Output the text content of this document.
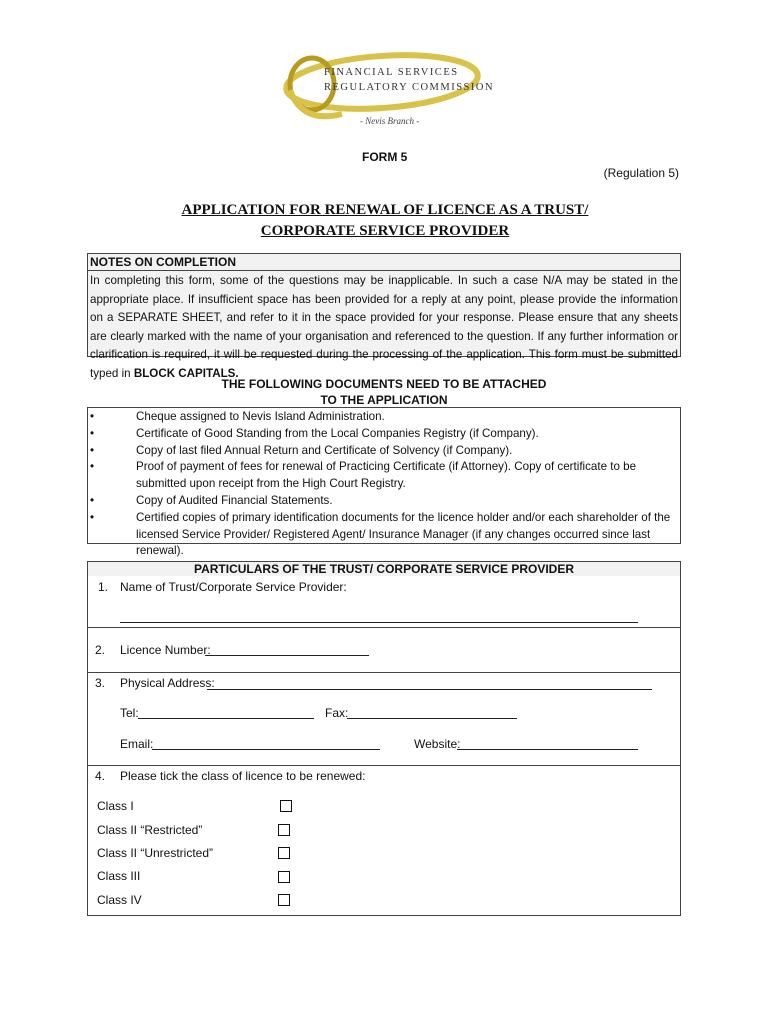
FINANCIAL SERVICES
REGULATORY COMMISSION
- Nevis Branch -
FORM 5
(Regulation 5)
APPLICATION FOR RENEWAL OF LICENCE AS A TRUST/
CORPORATE SERVICE PROVIDER
NOTES ON COMPLETION
In completing this form, some of the questions may be inapplicable. In such a case N/A may be stated in the appropriate place. If insufficient space has been provided for a reply at any point, please provide the information on a SEPARATE SHEET, and refer to it in the space provided for your response. Please ensure that any sheets are clearly marked with the name of your organisation and referenced to the question. If any further information or clarification is required, it will be requested during the processing of the application. This form must be submitted typed in BLOCK CAPITALS.
THE FOLLOWING DOCUMENTS NEED TO BE ATTACHED
TO THE APPLICATION
•	Cheque assigned to Nevis Island Administration.
•	Certificate of Good Standing from the Local Companies Registry (if Company).
•	Copy of last filed Annual Return and Certificate of Solvency (if Company).
•	Proof of payment of fees for renewal of Practicing Certificate (if Attorney). Copy of certificate to be submitted upon receipt from the High Court Registry.
•	Copy of Audited Financial Statements.
•	Certified copies of primary identification documents for the licence holder and/or each shareholder of the licensed Service Provider/ Registered Agent/ Insurance Manager (if any changes occurred since last renewal).
PARTICULARS OF THE TRUST/ CORPORATE SERVICE PROVIDER
1. Name of Trust/Corporate Service Provider:
2. Licence Number:
3. Physical Address:
Tel:	Fax:
Email:	Website:
4. Please tick the class of licence to be renewed:
Class I
Class II “Restricted”
Class II “Unrestricted”
Class III
Class IV
